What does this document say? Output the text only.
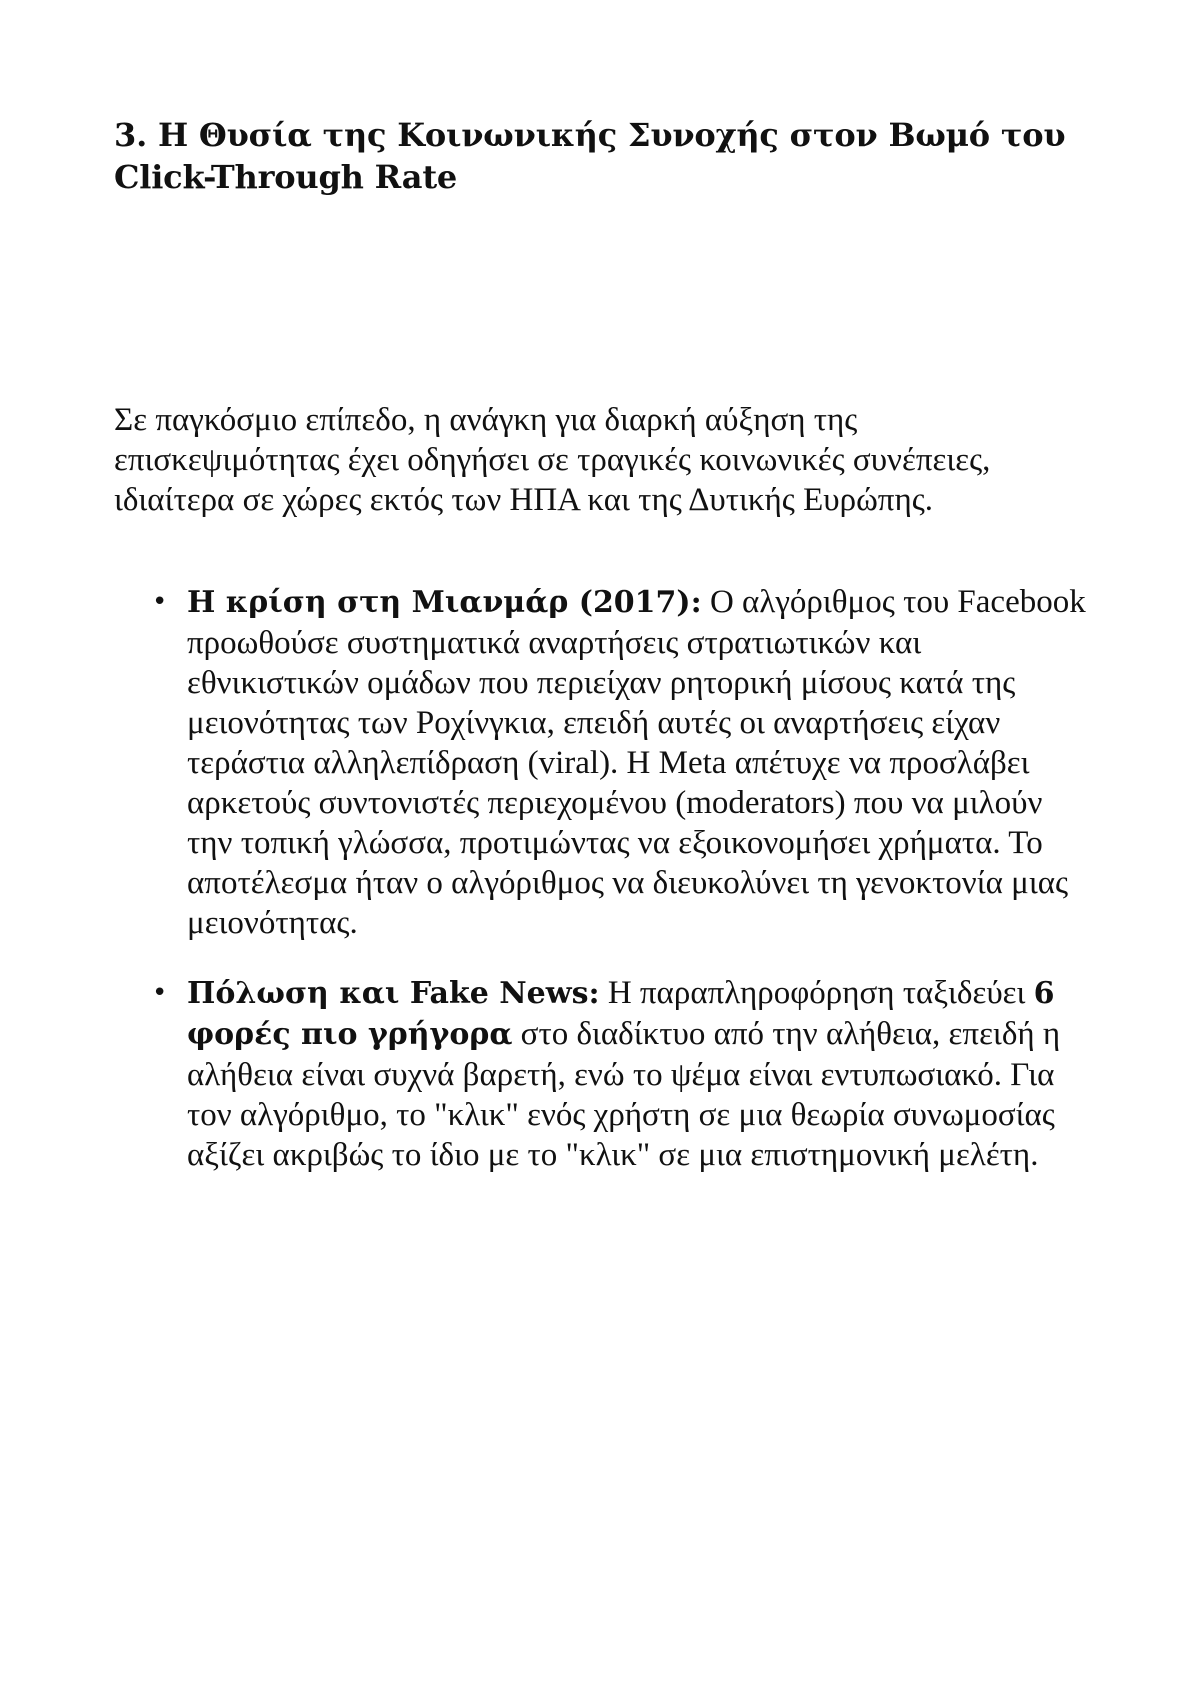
3. Η Θυσία της Κοινωνικής Συνοχής στον Βωμό του Click-Through Rate

Σε παγκόσμιο επίπεδο, η ανάγκη για διαρκή αύξηση της επισκεψιμότητας έχει οδηγήσει σε τραγικές κοινωνικές συνέπειες, ιδιαίτερα σε χώρες εκτός των ΗΠΑ και της Δυτικής Ευρώπης.

• Η κρίση στη Μιανμάρ (2017): Ο αλγόριθμος του Facebook προωθούσε συστηματικά αναρτήσεις στρατιωτικών και εθνικιστικών ομάδων που περιείχαν ρητορική μίσους κατά της μειονότητας των Ροχίνγκια, επειδή αυτές οι αναρτήσεις είχαν τεράστια αλληλεπίδραση (viral). Η Meta απέτυχε να προσλάβει αρκετούς συντονιστές περιεχομένου (moderators) που να μιλούν την τοπική γλώσσα, προτιμώντας να εξοικονομήσει χρήματα. Το αποτέλεσμα ήταν ο αλγόριθμος να διευκολύνει τη γενοκτονία μιας μειονότητας.
• Πόλωση και Fake News: Η παραπληροφόρηση ταξιδεύει 6 φορές πιο γρήγορα στο διαδίκτυο από την αλήθεια, επειδή η αλήθεια είναι συχνά βαρετή, ενώ το ψέμα είναι εντυπωσιακό. Για τον αλγόριθμο, το "κλικ" ενός χρήστη σε μια θεωρία συνωμοσίας αξίζει ακριβώς το ίδιο με το "κλικ" σε μια επιστημονική μελέτη.
